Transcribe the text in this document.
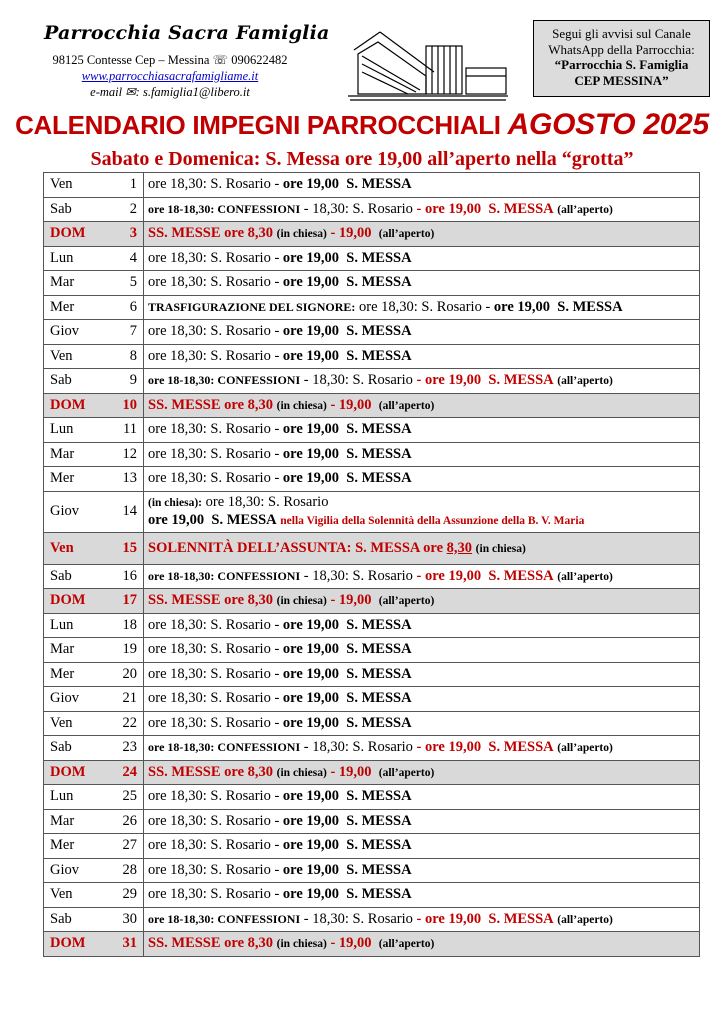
Parrocchia Sacra Famiglia
98125 Contesse Cep – Messina ☏ 090622482
www.parrocchiasacrafamigliame.it
e-mail ✉: s.famiglia1@libero.it
Segui gli avvisi sul Canale
WhatsApp della Parrocchia:
“Parrocchia S. Famiglia
CEP MESSINA”
CALENDARIO IMPEGNI PARROCCHIALI AGOSTO 2025
Sabato e Domenica: S. Messa ore 19,00 all’aperto nella “grotta”
Ven	1	ore 18,30: S. Rosario - ore 19,00 S. MESSA
Sab	2	ore 18-18,30: CONFESSIONI - 18,30: S. Rosario - ore 19,00 S. MESSA (all’aperto)
DOM	3	SS. MESSE ore 8,30 (in chiesa) - 19,00 (all’aperto)
Lun	4	ore 18,30: S. Rosario - ore 19,00 S. MESSA
Mar	5	ore 18,30: S. Rosario - ore 19,00 S. MESSA
Mer	6	TRASFIGURAZIONE DEL SIGNORE: ore 18,30: S. Rosario - ore 19,00 S. MESSA
Giov	7	ore 18,30: S. Rosario - ore 19,00 S. MESSA
Ven	8	ore 18,30: S. Rosario - ore 19,00 S. MESSA
Sab	9	ore 18-18,30: CONFESSIONI - 18,30: S. Rosario - ore 19,00 S. MESSA (all’aperto)
DOM	10	SS. MESSE ore 8,30 (in chiesa) - 19,00 (all’aperto)
Lun	11	ore 18,30: S. Rosario - ore 19,00 S. MESSA
Mar	12	ore 18,30: S. Rosario - ore 19,00 S. MESSA
Mer	13	ore 18,30: S. Rosario - ore 19,00 S. MESSA
Giov	14	(in chiesa): ore 18,30: S. Rosario
ore 19,00 S. MESSA nella Vigilia della Solennità della Assunzione della B. V. Maria

Ven	15	SOLENNITÀ DELL’ASSUNTA: S. MESSA ore 8,30 (in chiesa)
Sab	16	ore 18-18,30: CONFESSIONI - 18,30: S. Rosario - ore 19,00 S. MESSA (all’aperto)
DOM	17	SS. MESSE ore 8,30 (in chiesa) - 19,00 (all’aperto)
Lun	18	ore 18,30: S. Rosario - ore 19,00 S. MESSA
Mar	19	ore 18,30: S. Rosario - ore 19,00 S. MESSA
Mer	20	ore 18,30: S. Rosario - ore 19,00 S. MESSA
Giov	21	ore 18,30: S. Rosario - ore 19,00 S. MESSA
Ven	22	ore 18,30: S. Rosario - ore 19,00 S. MESSA
Sab	23	ore 18-18,30: CONFESSIONI - 18,30: S. Rosario - ore 19,00 S. MESSA (all’aperto)
DOM	24	SS. MESSE ore 8,30 (in chiesa) - 19,00 (all’aperto)
Lun	25	ore 18,30: S. Rosario - ore 19,00 S. MESSA
Mar	26	ore 18,30: S. Rosario - ore 19,00 S. MESSA
Mer	27	ore 18,30: S. Rosario - ore 19,00 S. MESSA
Giov	28	ore 18,30: S. Rosario - ore 19,00 S. MESSA
Ven	29	ore 18,30: S. Rosario - ore 19,00 S. MESSA
Sab	30	ore 18-18,30: CONFESSIONI - 18,30: S. Rosario - ore 19,00 S. MESSA (all’aperto)
DOM	31	SS. MESSE ore 8,30 (in chiesa) - 19,00 (all’aperto)
